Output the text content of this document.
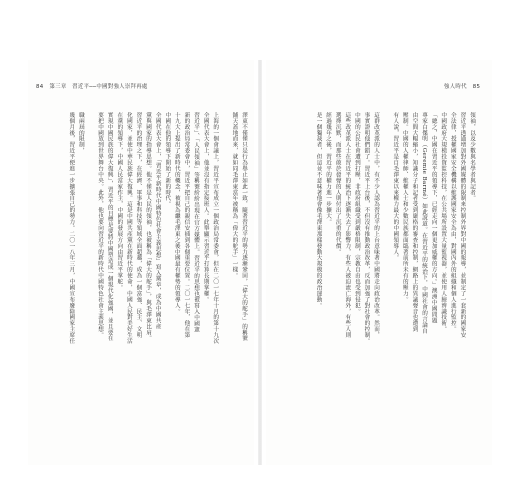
84 第三章　習近平──中國對強人崇拜再處	強人時代 85
領袖，以及少數與名學者與記者。
習近平透過增加對外國媒體的限制來控制外界對中國的報導，並制定了一套新的國家安
全法律，授權國家安全機構以維護國家安全為由，對國內外的組織和個人進行監控。
中國政府大規模投資監控科技，在公共場所設置大量監視器，並使用人臉辨識技術。
「總之，中國在習近平的領導下，已經走向一個更加威權的方向。」澳洲中國問題
專家白傑明（Geremie Barmé）如此說道。在習近平的統治下，中國社會的言論自
由空間大幅縮小，知識分子和記者受到嚴格的審查和控制，網路上的異議聲音也遭到
壓制。中國的人權律師、維權人士和少數民族都面臨著前所未有的壓力。
有人說，習近平是自毛澤東以來權力最大的中國領導人。
這群改革派的人士中，有不少人認為習近平的上台意味著中國將走向政治改革。然而，
事實證明他們錯了。習近平上台後，不但沒有推動政治改革，反而加強了對社會的控制。
中國的公民社會遭到打壓，非政府組織受到嚴格限制，宗教自由也受到侵犯。
這些改革派人士在習近平的統治下逐漸失去了影響力，有些人被迫流亡海外，有些人則
選擇沉默，而那些敢於發聲的人則付出了沉重的代價。
經過幾年之後，習近平的權力進一步擴大。
是一個獨裁者，但這並不意味著他會像毛澤東那樣發動大規模的政治運動。
澤東不僅僅只是行為舉止如此一致，隨著習近平的勢力逐漸鞏固，「偉大的舵手」的稱號
鋪天蓋地而來，就如同毛澤東當年被稱為「偉大的舵手」一樣。
上海的一個會議上，習近平宣布成立一個政治局常委會，但在二〇一七年十月的第十九次
全國代表大會上，他並沒有指定接班人。此舉顯示習近平打算長期掌權。
習近平」、「人民領袖」等稱號紛紛出現在官方媒體上。習近平的思想也被寫入中國憲
新的政治局常委會中，習近平把自己的親信安插到各個重要位置。二〇一七年，他在第
十九大上提出了新時代的概念，被視為繼毛澤東之後中國最有權勢的領導人。
中國在他的領導下開始了新的時代。
全國代表大會上，「習近平新時代中國特色社會主義思想」寫入黨章，成為中國共產
黨與國家的指導思想。他不僅是人民的領袖，也被稱為「偉大的舵手」，與毛澤東比肩。
習近平的治理之下，在經濟、軍事和科技等領域全面超越，成為一個富強、民主、文明
化國家，並使中華民族偉大復興。這是中國共產黨在新時代的使命，中國人民對美好生活
在黨的領導下，中國人民當家作主，中國的發展方向由習近平掌舵。
實現中國民族的偉大復興」，習近平的目標是要將中國塑造成一個現代化強國，並且要在
要把中國放到世界舞台中央。此外，他也要向習近平的新時代中國特色社會主義思想。
職兩屆的限制，
幾個月後，習近平便進一步擴張自己的勢力。二〇一八年三月，中國宣布廢除國家主席任
